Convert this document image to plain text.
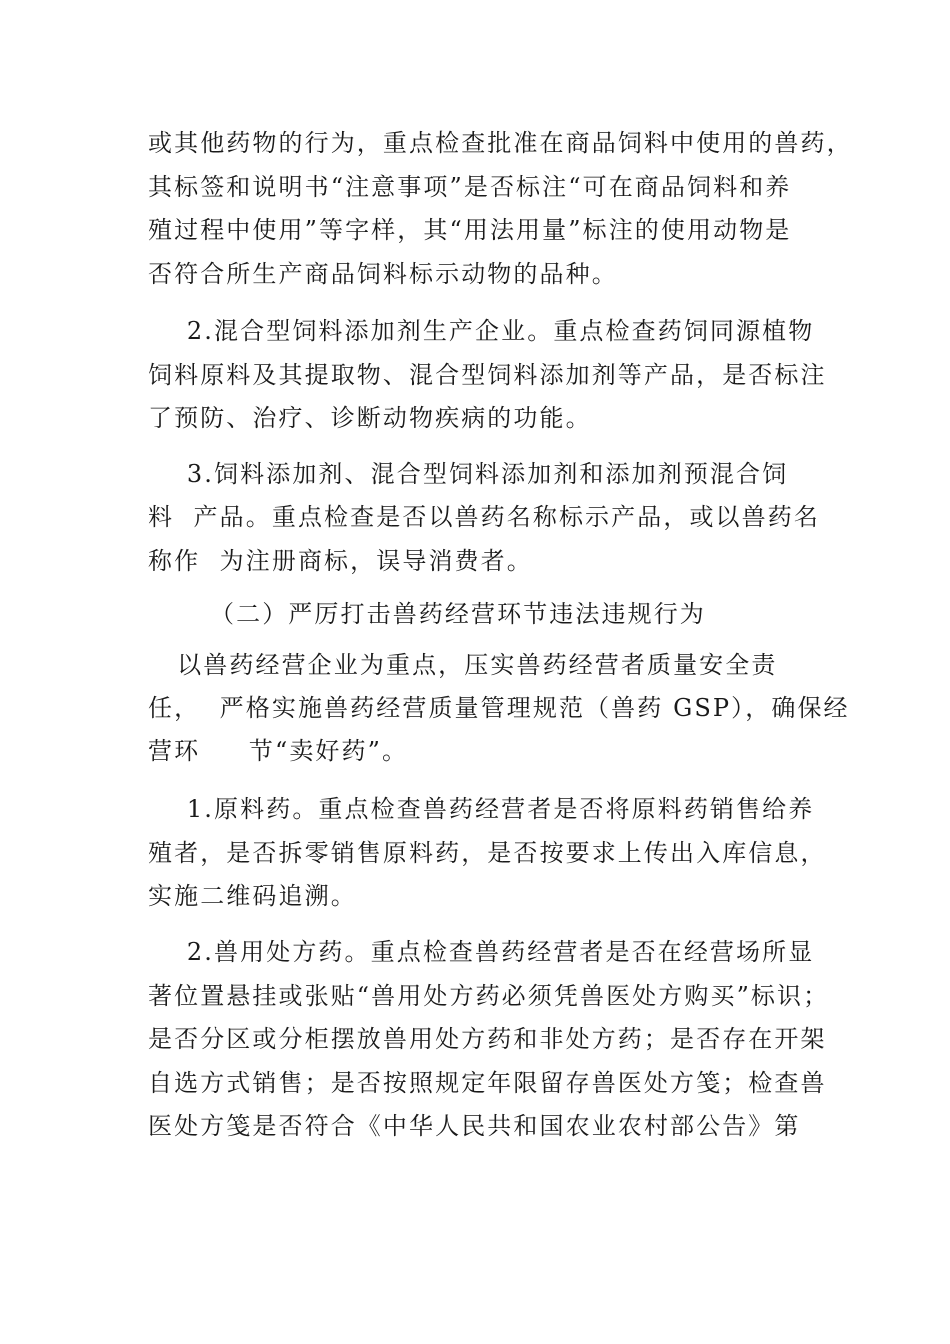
或其他药物的行为，重点检查批准在商品饲料中使用的兽药，
其标签和说明书“注意事项”是否标注“可在商品饲料和养
殖过程中使用”等字样，其“用法用量”标注的使用动物是
否符合所生产商品饲料标示动物的品种。
2.混合型饲料添加剂生产企业。重点检查药饲同源植物
饲料原料及其提取物、混合型饲料添加剂等产品，是否标注
了预防、治疗、诊断动物疾病的功能。
3.饲料添加剂、混合型饲料添加剂和添加剂预混合饲
料  产品。重点检查是否以兽药名称标示产品，或以兽药名
称作  为注册商标，误导消费者。
（二）严厉打击兽药经营环节违法违规行为
以兽药经营企业为重点，压实兽药经营者质量安全责
任，  严格实施兽药经营质量管理规范（兽药 GSP），确保经
营环     节“卖好药”。
1.原料药。重点检查兽药经营者是否将原料药销售给养
殖者，是否拆零销售原料药，是否按要求上传出入库信息，
实施二维码追溯。
2.兽用处方药。重点检查兽药经营者是否在经营场所显
著位置悬挂或张贴“兽用处方药必须凭兽医处方购买”标识；
是否分区或分柜摆放兽用处方药和非处方药；是否存在开架
自选方式销售；是否按照规定年限留存兽医处方笺；检查兽
医处方笺是否符合《中华人民共和国农业农村部公告》第
